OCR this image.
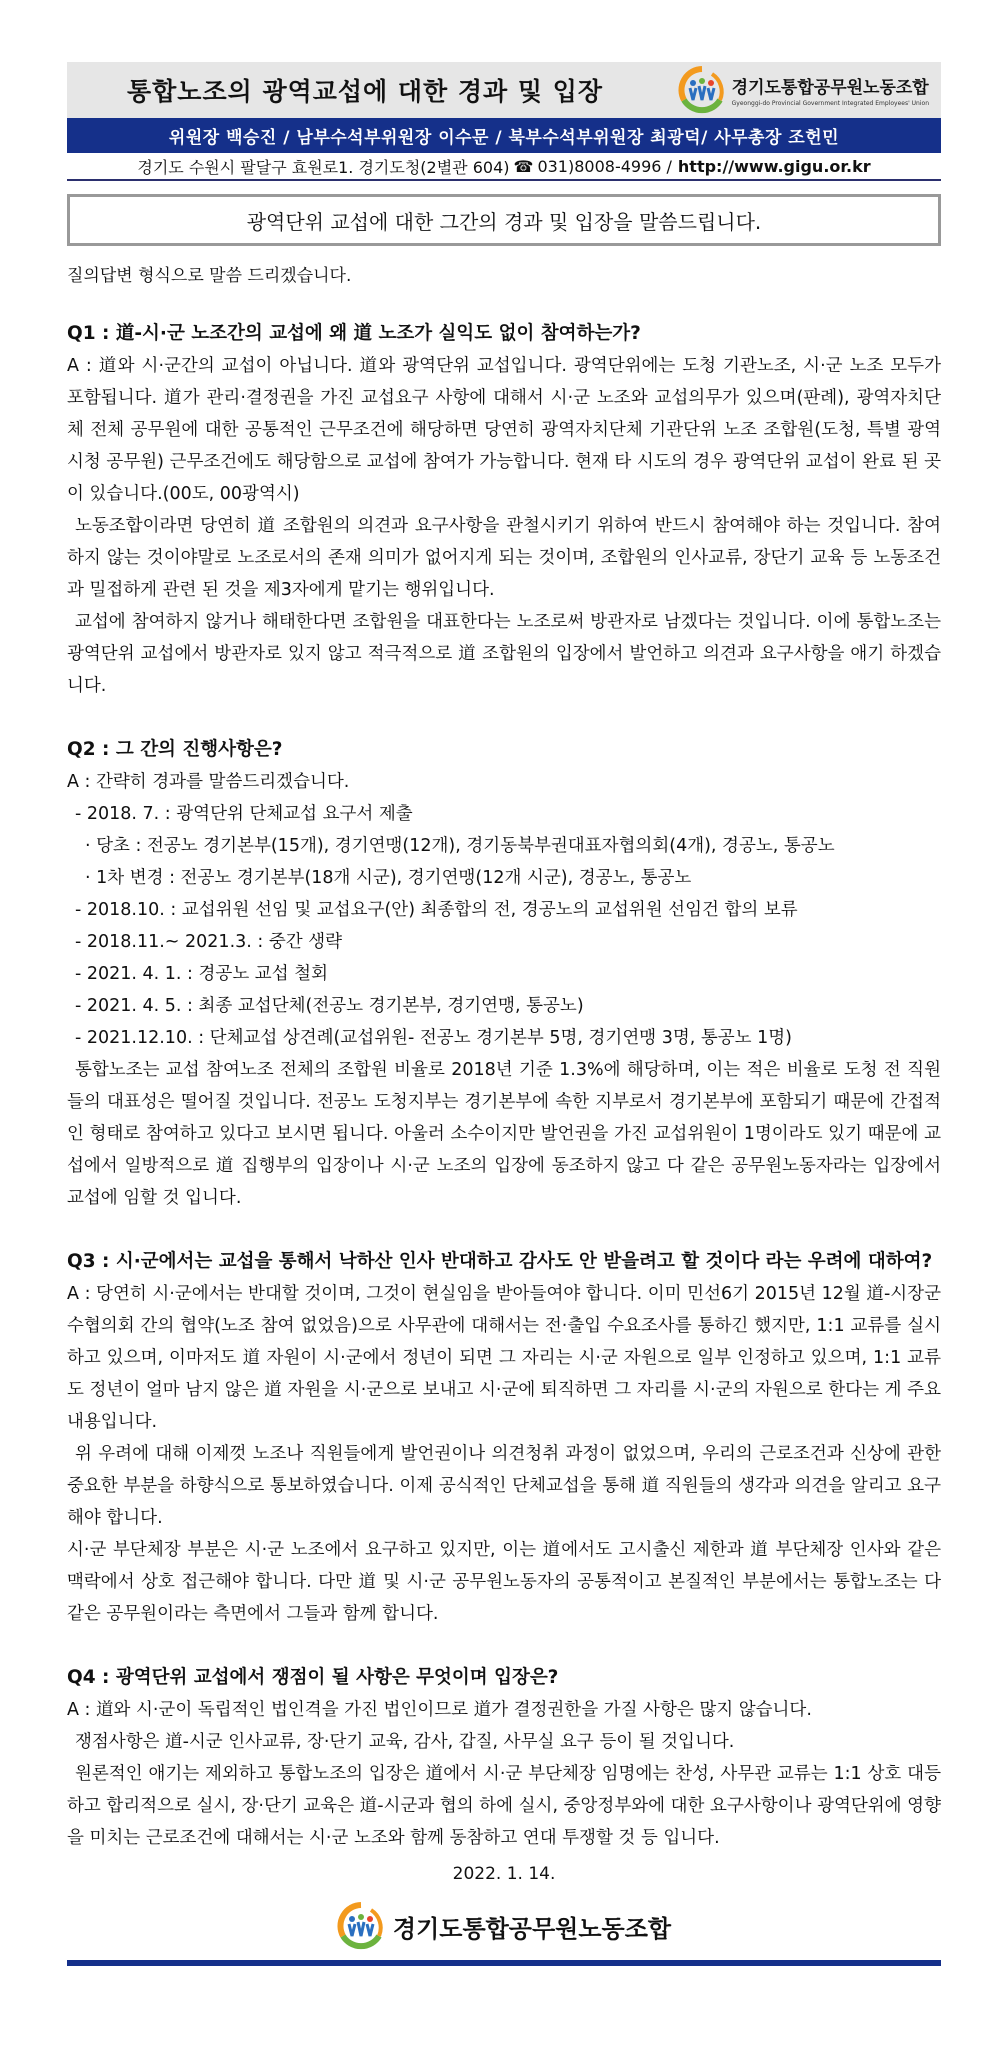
통합노조의 광역교섭에 대한 경과 및 입장	경기도통합공무원노동조합
Gyeonggi-do Provincial Government Integrated Employees' Union
위원장 백승진 / 남부수석부위원장 이수문 / 북부수석부위원장 최광덕/ 사무총장 조헌민
경기도 수원시 팔달구 효원로1. 경기도청(2별관 604) ☎ 031)8008-4996 / http://www.gigu.or.kr
광역단위 교섭에 대한 그간의 경과 및 입장을 말씀드립니다.
질의답변 형식으로 말씀 드리겠습니다.
Q1 : 道-시·군 노조간의 교섭에 왜 道 노조가 실익도 없이 참여하는가?
A : 道와 시·군간의 교섭이 아닙니다. 道와 광역단위 교섭입니다. 광역단위에는 도청 기관노조, 시·군 노조 모두가 포함됩니다. 道가 관리·결정권을 가진 교섭요구 사항에 대해서 시·군 노조와 교섭의무가 있으며(판례), 광역자치단체 전체 공무원에 대한 공통적인 근무조건에 해당하면 당연히 광역자치단체 기관단위 노조 조합원(도청, 특별 광역시청 공무원) 근무조건에도 해당함으로 교섭에 참여가 가능합니다. 현재 타 시도의 경우 광역단위 교섭이 완료 된 곳이 있습니다.(00도, 00광역시)
노동조합이라면 당연히 道 조합원의 의견과 요구사항을 관철시키기 위하여 반드시 참여해야 하는 것입니다. 참여하지 않는 것이야말로 노조로서의 존재 의미가 없어지게 되는 것이며, 조합원의 인사교류, 장단기 교육 등 노동조건과 밀접하게 관련 된 것을 제3자에게 맡기는 행위입니다.
교섭에 참여하지 않거나 해태한다면 조합원을 대표한다는 노조로써 방관자로 남겠다는 것입니다. 이에 통합노조는 광역단위 교섭에서 방관자로 있지 않고 적극적으로 道 조합원의 입장에서 발언하고 의견과 요구사항을 애기 하겠습니다.
Q2 : 그 간의 진행사항은?
A : 간략히 경과를 말씀드리겠습니다.
- 2018. 7. : 광역단위 단체교섭 요구서 제출
· 당초 : 전공노 경기본부(15개), 경기연맹(12개), 경기동북부권대표자협의회(4개), 경공노, 통공노
· 1차 변경 : 전공노 경기본부(18개 시군), 경기연맹(12개 시군), 경공노, 통공노
- 2018.10. : 교섭위원 선임 및 교섭요구(안) 최종합의 전, 경공노의 교섭위원 선임건 합의 보류
- 2018.11.~ 2021.3. : 중간 생략
- 2021. 4. 1. : 경공노 교섭 철회
- 2021. 4. 5. : 최종 교섭단체(전공노 경기본부, 경기연맹, 통공노)
- 2021.12.10. : 단체교섭 상견례(교섭위원- 전공노 경기본부 5명, 경기연맹 3명, 통공노 1명)
통합노조는 교섭 참여노조 전체의 조합원 비율로 2018년 기준 1.3%에 해당하며, 이는 적은 비율로 도청 전 직원들의 대표성은 떨어질 것입니다. 전공노 도청지부는 경기본부에 속한 지부로서 경기본부에 포함되기 때문에 간접적인 형태로 참여하고 있다고 보시면 됩니다. 아울러 소수이지만 발언권을 가진 교섭위원이 1명이라도 있기 때문에 교섭에서 일방적으로 道 집행부의 입장이나 시·군 노조의 입장에 동조하지 않고 다 같은 공무원노동자라는 입장에서 교섭에 임할 것 입니다.
Q3 : 시·군에서는 교섭을 통해서 낙하산 인사 반대하고 감사도 안 받을려고 할 것이다 라는 우려에 대하여?
A : 당연히 시·군에서는 반대할 것이며, 그것이 현실임을 받아들여야 합니다. 이미 민선6기 2015년 12월 道-시장군수협의회 간의 협약(노조 참여 없었음)으로 사무관에 대해서는 전·출입 수요조사를 통하긴 했지만, 1:1 교류를 실시하고 있으며, 이마저도 道 자원이 시·군에서 정년이 되면 그 자리는 시·군 자원으로 일부 인정하고 있으며, 1:1 교류도 정년이 얼마 남지 않은 道 자원을 시·군으로 보내고 시·군에 퇴직하면 그 자리를 시·군의 자원으로 한다는 게 주요 내용입니다.
위 우려에 대해 이제껏 노조나 직원들에게 발언권이나 의견청취 과정이 없었으며, 우리의 근로조건과 신상에 관한 중요한 부분을 하향식으로 통보하였습니다. 이제 공식적인 단체교섭을 통해 道 직원들의 생각과 의견을 알리고 요구해야 합니다.
시·군 부단체장 부분은 시·군 노조에서 요구하고 있지만, 이는 道에서도 고시출신 제한과 道 부단체장 인사와 같은 맥락에서 상호 접근해야 합니다. 다만 道 및 시·군 공무원노동자의 공통적이고 본질적인 부분에서는 통합노조는 다 같은 공무원이라는 측면에서 그들과 함께 합니다.
Q4 : 광역단위 교섭에서 쟁점이 될 사항은 무엇이며 입장은?
A : 道와 시·군이 독립적인 법인격을 가진 법인이므로 道가 결정권한을 가질 사항은 많지 않습니다.
쟁점사항은 道-시군 인사교류, 장·단기 교육, 감사, 갑질, 사무실 요구 등이 될 것입니다.
원론적인 애기는 제외하고 통합노조의 입장은 道에서 시·군 부단체장 임명에는 찬성, 사무관 교류는 1:1 상호 대등하고 합리적으로 실시, 장·단기 교육은 道-시군과 협의 하에 실시, 중앙정부와에 대한 요구사항이나 광역단위에 영향을 미치는 근로조건에 대해서는 시·군 노조와 함께 동참하고 연대 투쟁할 것 등 입니다.
2022. 1. 14.
경기도통합공무원노동조합
